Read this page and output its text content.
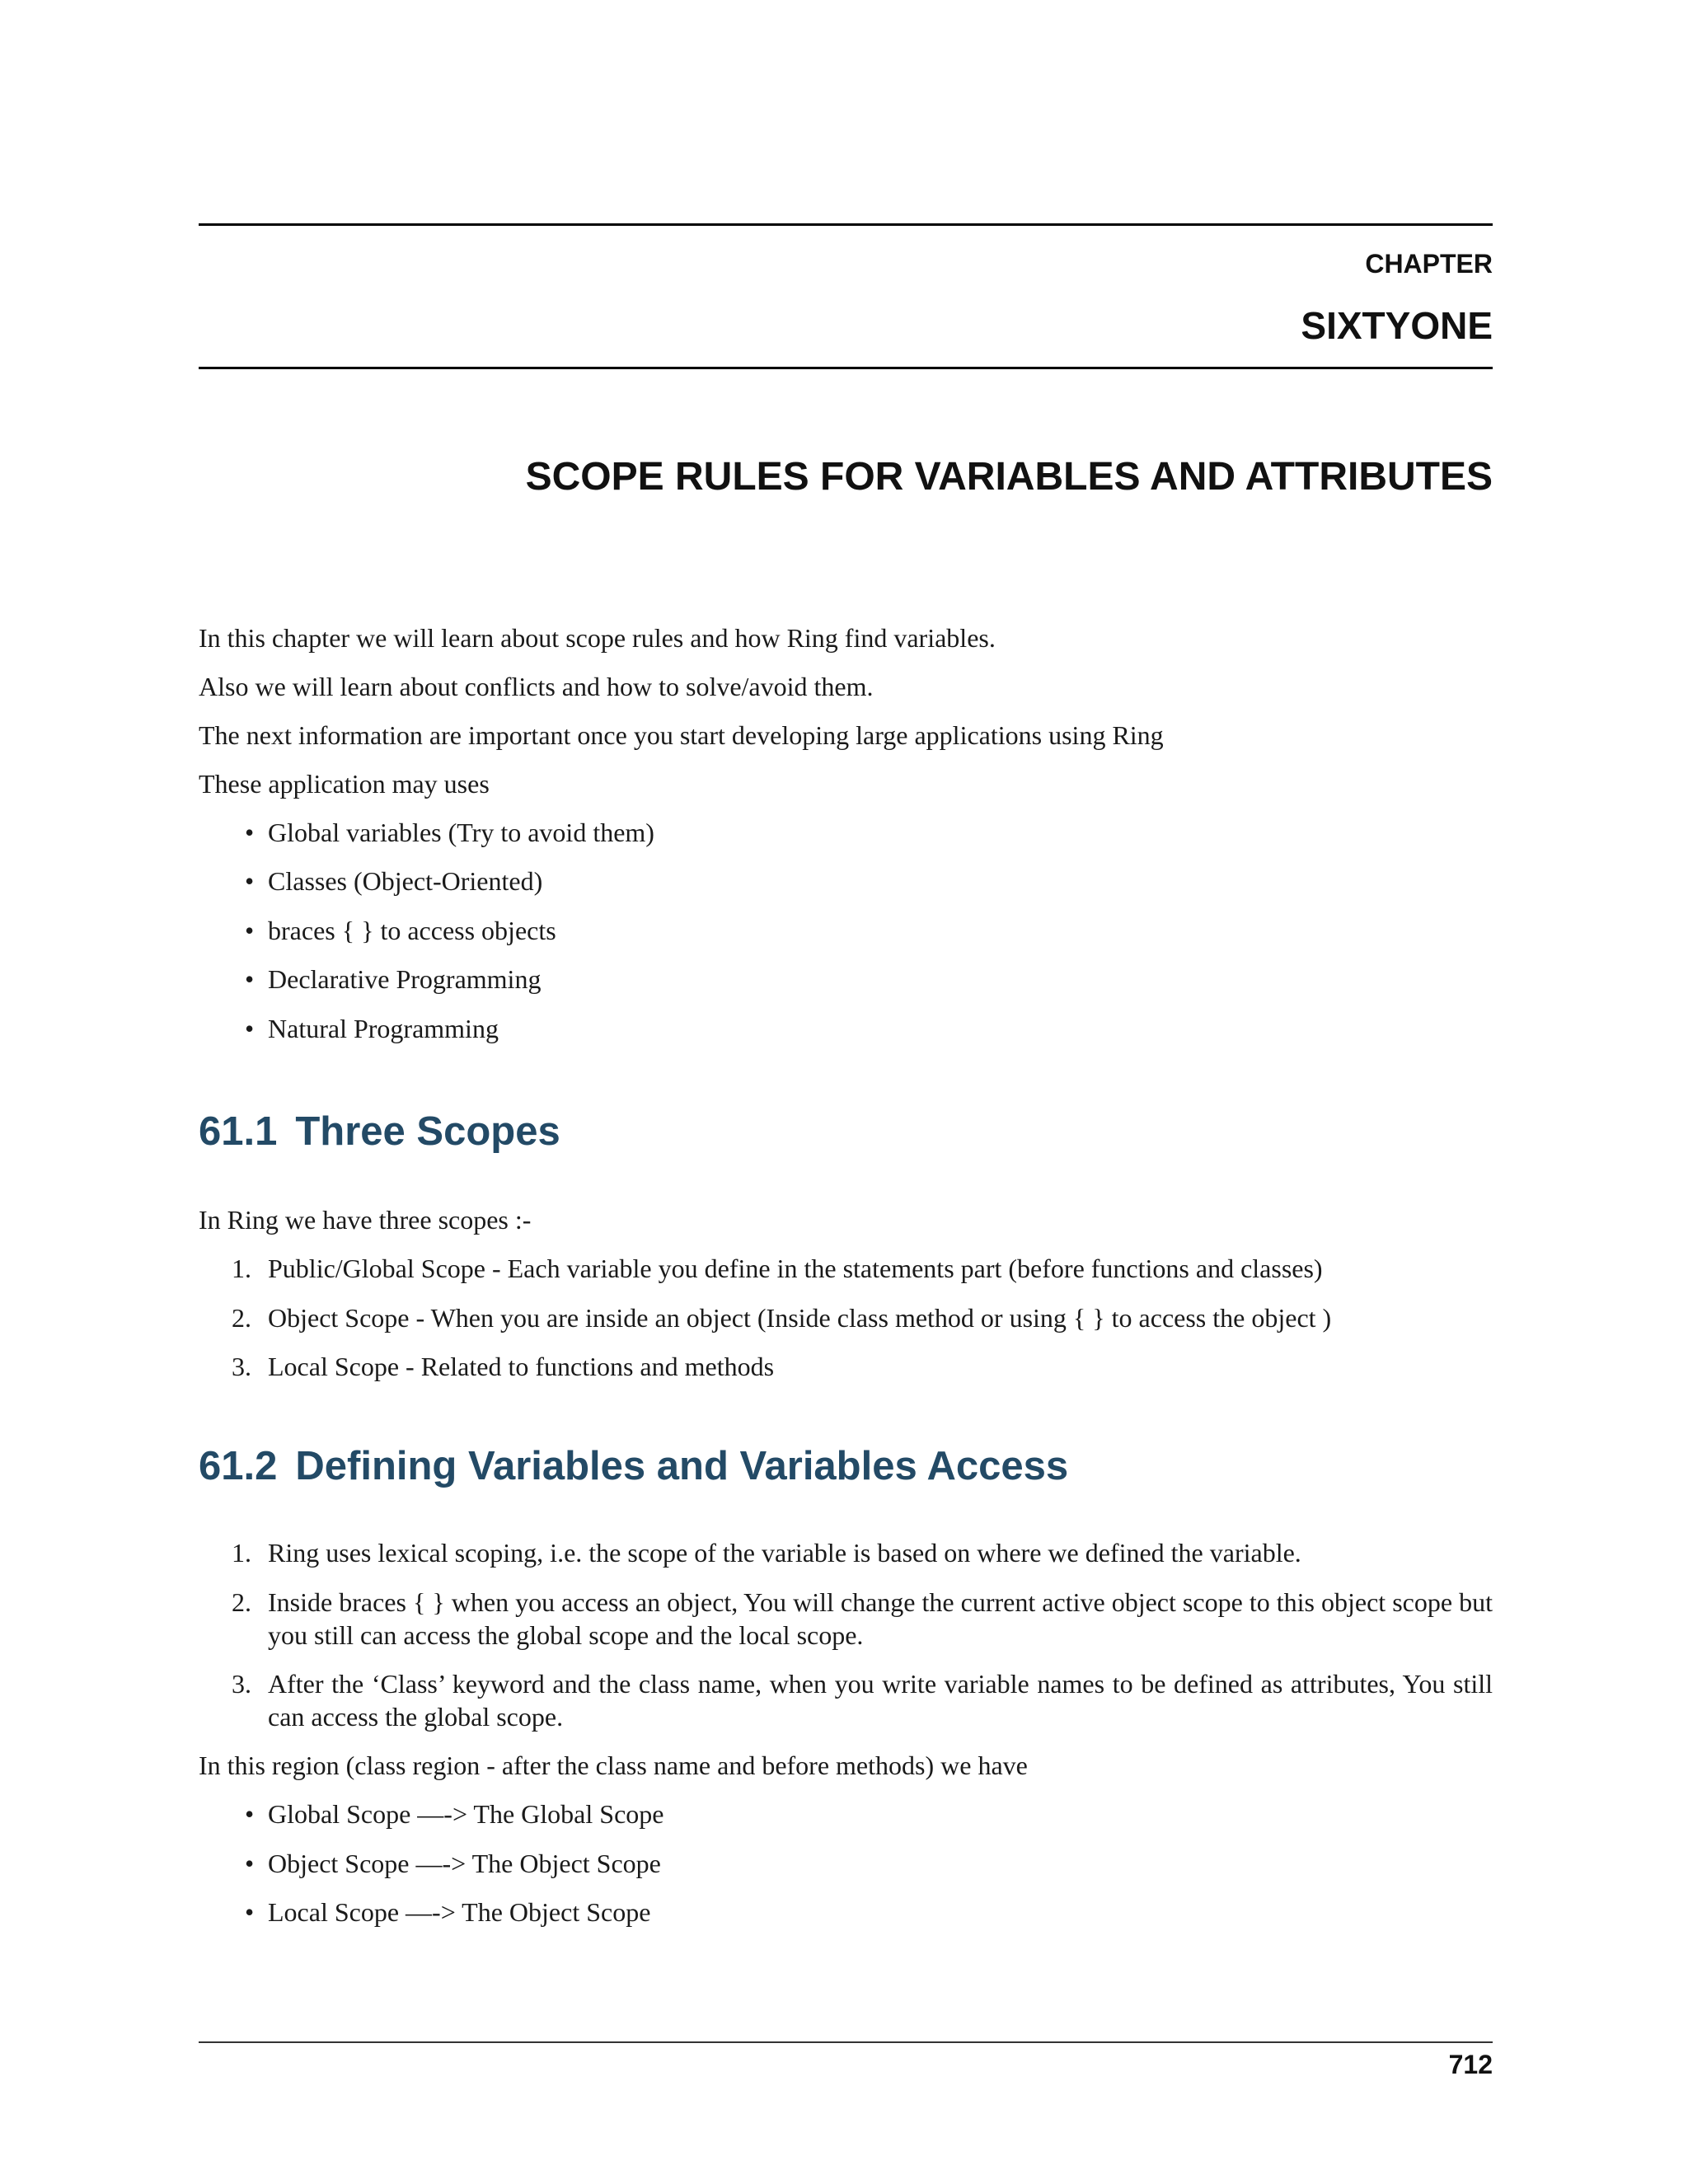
CHAPTER
SIXTYONE
SCOPE RULES FOR VARIABLES AND ATTRIBUTES
In this chapter we will learn about scope rules and how Ring find variables.
Also we will learn about conflicts and how to solve/avoid them.
The next information are important once you start developing large applications using Ring
These application may uses
• Global variables (Try to avoid them)
• Classes (Object-Oriented)
• braces { } to access objects
• Declarative Programming
• Natural Programming
61.1 Three Scopes
In Ring we have three scopes :-
1. Public/Global Scope - Each variable you define in the statements part (before functions and classes)
2. Object Scope - When you are inside an object (Inside class method or using { } to access the object )
3. Local Scope - Related to functions and methods
61.2 Defining Variables and Variables Access
1. Ring uses lexical scoping, i.e. the scope of the variable is based on where we defined the variable.
2. Inside braces { } when you access an object, You will change the current active object scope to this object scope but you still can access the global scope and the local scope.
3. After the ‘Class’ keyword and the class name, when you write variable names to be defined as attributes, You still can access the global scope.
In this region (class region - after the class name and before methods) we have
• Global Scope —-> The Global Scope
• Object Scope —-> The Object Scope
• Local Scope —-> The Object Scope
712
